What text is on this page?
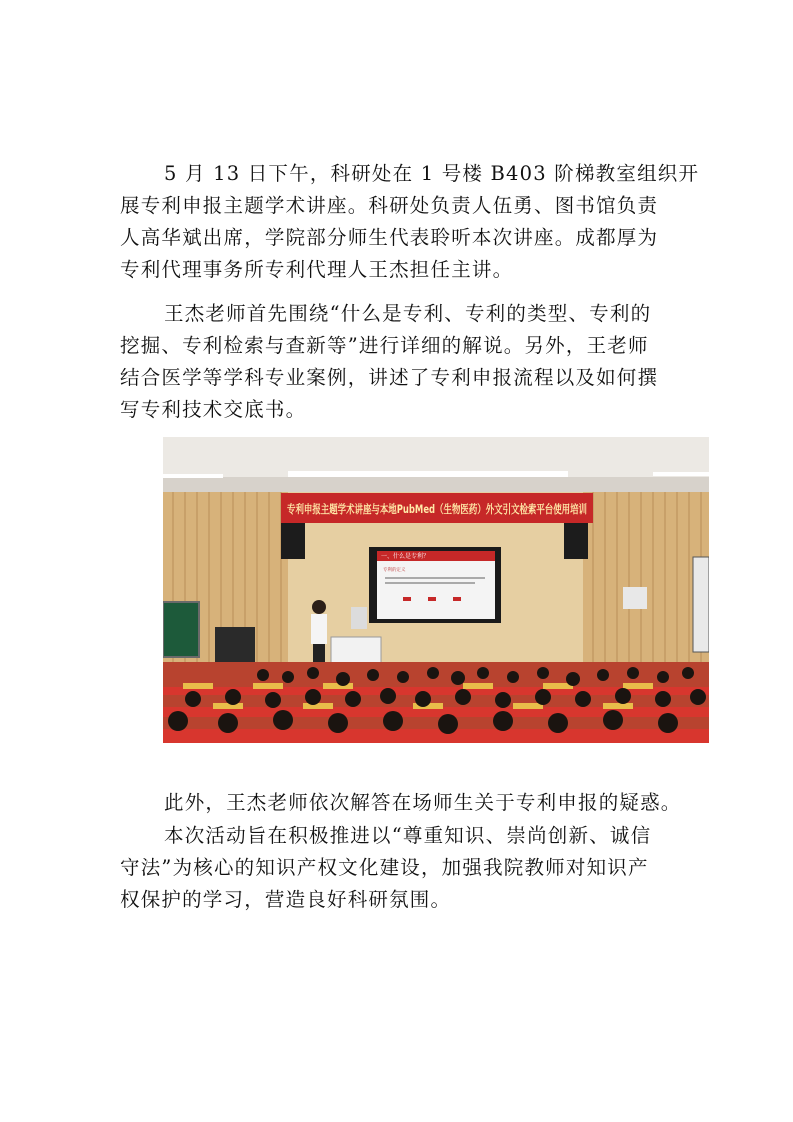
5 月 13 日下午，科研处在 1 号楼 B403 阶梯教室组织开
展专利申报主题学术讲座。科研处负责人伍勇、图书馆负责
人高华斌出席，学院部分师生代表聆听本次讲座。成都厚为
专利代理事务所专利代理人王杰担任主讲。

王杰老师首先围绕“什么是专利、专利的类型、专利的
挖掘、专利检索与查新等”进行详细的解说。另外，王老师
结合医学等学科专业案例，讲述了专利申报流程以及如何撰
写专利技术交底书。

专利申报主题学术讲座与本地PubMed（生物医药）外文引文检索平台使用培训
一、什么是专利？
专利的定义

此外，王杰老师依次解答在场师生关于专利申报的疑惑。

本次活动旨在积极推进以“尊重知识、崇尚创新、诚信
守法”为核心的知识产权文化建设，加强我院教师对知识产
权保护的学习，营造良好科研氛围。
